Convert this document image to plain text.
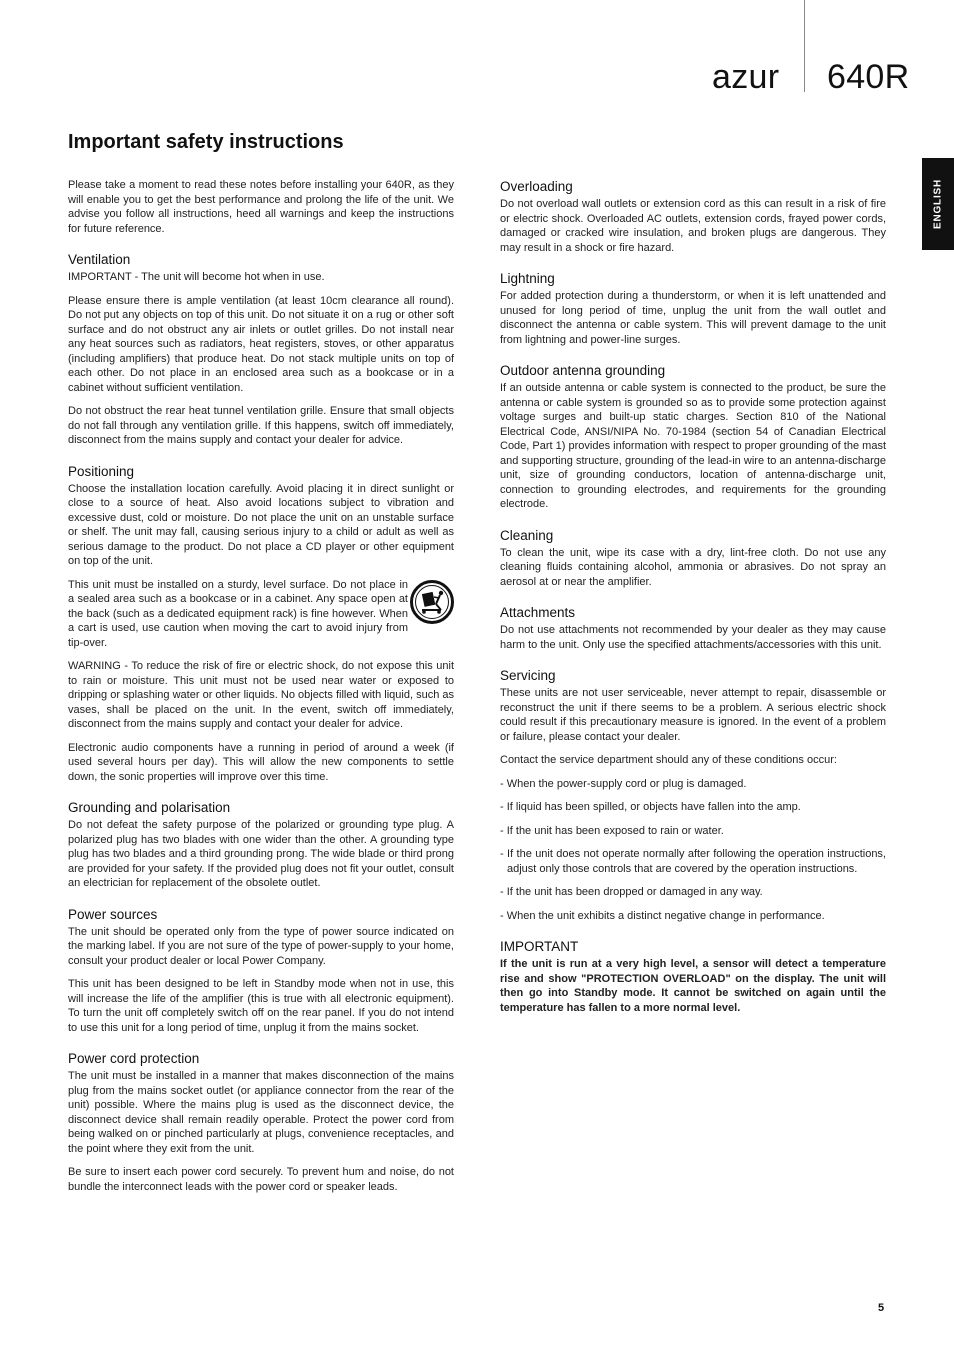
azur 640R
ENGLISH
Important safety instructions

Please take a moment to read these notes before installing your 640R, as they will enable you to get the best performance and prolong the life of the unit. We advise you follow all instructions, heed all warnings and keep the instructions for future reference.

Ventilation

IMPORTANT - The unit will become hot when in use.

Please ensure there is ample ventilation (at least 10cm clearance all round). Do not put any objects on top of this unit. Do not situate it on a rug or other soft surface and do not obstruct any air inlets or outlet grilles. Do not install near any heat sources such as radiators, heat registers, stoves, or other apparatus (including amplifiers) that produce heat. Do not stack multiple units on top of each other. Do not place in an enclosed area such as a bookcase or in a cabinet without sufficient ventilation.

Do not obstruct the rear heat tunnel ventilation grille. Ensure that small objects do not fall through any ventilation grille. If this happens, switch off immediately, disconnect from the mains supply and contact your dealer for advice.

Positioning

Choose the installation location carefully. Avoid placing it in direct sunlight or close to a source of heat. Also avoid locations subject to vibration and excessive dust, cold or moisture. Do not place the unit on an unstable surface or shelf. The unit may fall, causing serious injury to a child or adult as well as serious damage to the product. Do not place a CD player or other equipment on top of the unit.

This unit must be installed on a sturdy, level surface. Do not place in a sealed area such as a bookcase or in a cabinet. Any space open at the back (such as a dedicated equipment rack) is fine however. When a cart is used, use caution when moving the cart to avoid injury from tip-over.

WARNING - To reduce the risk of fire or electric shock, do not expose this unit to rain or moisture. This unit must not be used near water or exposed to dripping or splashing water or other liquids. No objects filled with liquid, such as vases, shall be placed on the unit. In the event, switch off immediately, disconnect from the mains supply and contact your dealer for advice.

Electronic audio components have a running in period of around a week (if used several hours per day). This will allow the new components to settle down, the sonic properties will improve over this time.

Grounding and polarisation

Do not defeat the safety purpose of the polarized or grounding type plug. A polarized plug has two blades with one wider than the other. A grounding type plug has two blades and a third grounding prong. The wide blade or third prong are provided for your safety. If the provided plug does not fit your outlet, consult an electrician for replacement of the obsolete outlet.

Power sources

The unit should be operated only from the type of power source indicated on the marking label. If you are not sure of the type of power-supply to your home, consult your product dealer or local Power Company.

This unit has been designed to be left in Standby mode when not in use, this will increase the life of the amplifier (this is true with all electronic equipment). To turn the unit off completely switch off on the rear panel. If you do not intend to use this unit for a long period of time, unplug it from the mains socket.

Power cord protection

The unit must be installed in a manner that makes disconnection of the mains plug from the mains socket outlet (or appliance connector from the rear of the unit) possible. Where the mains plug is used as the disconnect device, the disconnect device shall remain readily operable. Protect the power cord from being walked on or pinched particularly at plugs, convenience receptacles, and the point where they exit from the unit.

Be sure to insert each power cord securely. To prevent hum and noise, do not bundle the interconnect leads with the power cord or speaker leads.

Overloading

Do not overload wall outlets or extension cord as this can result in a risk of fire or electric shock. Overloaded AC outlets, extension cords, frayed power cords, damaged or cracked wire insulation, and broken plugs are dangerous. They may result in a shock or fire hazard.

Lightning

For added protection during a thunderstorm, or when it is left unattended and unused for long period of time, unplug the unit from the wall outlet and disconnect the antenna or cable system. This will prevent damage to the unit from lightning and power-line surges.

Outdoor antenna grounding

If an outside antenna or cable system is connected to the product, be sure the antenna or cable system is grounded so as to provide some protection against voltage surges and built-up static charges. Section 810 of the National Electrical Code, ANSI/NIPA No. 70-1984 (section 54 of Canadian Electrical Code, Part 1) provides information with respect to proper grounding of the mast and supporting structure, grounding of the lead-in wire to an antenna-discharge unit, size of grounding conductors, location of antenna-discharge unit, connection to grounding electrodes, and requirements for the grounding electrode.

Cleaning

To clean the unit, wipe its case with a dry, lint-free cloth. Do not use any cleaning fluids containing alcohol, ammonia or abrasives. Do not spray an aerosol at or near the amplifier.

Attachments

Do not use attachments not recommended by your dealer as they may cause harm to the unit. Only use the specified attachments/accessories with this unit.

Servicing

These units are not user serviceable, never attempt to repair, disassemble or reconstruct the unit if there seems to be a problem. A serious electric shock could result if this precautionary measure is ignored. In the event of a problem or failure, please contact your dealer.

Contact the service department should any of these conditions occur:

- When the power-supply cord or plug is damaged.

- If liquid has been spilled, or objects have fallen into the amp.

- If the unit has been exposed to rain or water.

- If the unit does not operate normally after following the operation instructions, adjust only those controls that are covered by the operation instructions.

- If the unit has been dropped or damaged in any way.

- When the unit exhibits a distinct negative change in performance.

IMPORTANT

If the unit is run at a very high level, a sensor will detect a temperature rise and show "PROTECTION OVERLOAD" on the display. The unit will then go into Standby mode. It cannot be switched on again until the temperature has fallen to a more normal level.

5
